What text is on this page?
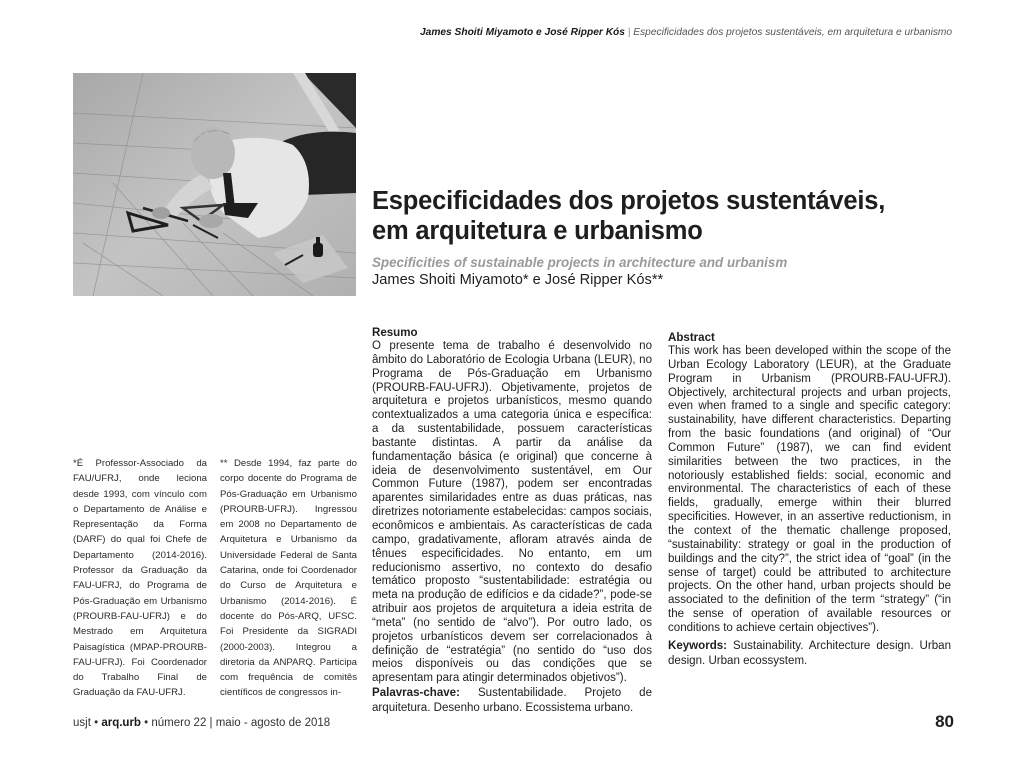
James Shoiti Miyamoto e José Ripper Kós | Especificidades dos projetos sustentáveis, em arquitetura e urbanismo
Especificidades dos projetos sustentáveis,
em arquitetura e urbanismo
Specificities of sustainable projects in architecture and urbanism
James Shoiti Miyamoto* e José Ripper Kós**
*É Professor-Associado da FAU/UFRJ, onde leciona desde 1993, com vínculo com o Departamento de Análise e Representação da Forma (DARF) do qual foi Chefe de Departamento (2014-2016). Professor da Graduação da FAU-UFRJ, do Programa de Pós-Graduação em Urbanismo (PROURB-FAU-UFRJ) e do Mestrado em Arquitetura Paisagística (MPAP-PROURB-FAU-UFRJ). Foi Coordenador do Trabalho Final de Graduação da FAU-UFRJ.
** Desde 1994, faz parte do corpo docente do Programa de Pós-Graduação em Urbanismo (PROURB-UFRJ). Ingressou em 2008 no Departamento de Arquitetura e Urbanismo da Universidade Federal de Santa Catarina, onde foi Coordenador do Curso de Arquitetura e Urbanismo (2014-2016). É docente do Pós-ARQ, UFSC. Foi Presidente da SIGRADI (2000-2003). Integrou a diretoria da ANPARQ. Participa com frequência de comitês científicos de congressos in-
Resumo

O presente tema de trabalho é desenvolvido no âmbito do Laboratório de Ecologia Urbana (LEUR), no Programa de Pós-Graduação em Urbanismo (PROURB-FAU-UFRJ). Objetivamente, projetos de arquitetura e projetos urbanísticos, mesmo quando contextualizados a uma categoria única e específica: a da sustentabilidade, possuem características bastante distintas. A partir da análise da fundamentação básica (e original) que concerne à ideia de desenvolvimento sustentável, em Our Common Future (1987), podem ser encontradas aparentes similaridades entre as duas práticas, nas diretrizes notoriamente estabelecidas: campos sociais, econômicos e ambientais. As características de cada campo, gradativamente, afloram através ainda de tênues especificidades. No entanto, em um reducionismo assertivo, no contexto do desafio temático proposto “sustentabilidade: estratégia ou meta na produção de edifícios e da cidade?”, pode-se atribuir aos projetos de arquitetura a ideia estrita de “meta” (no sentido de “alvo”). Por outro lado, os projetos urbanísticos devem ser correlacionados à definição de “estratégia” (no sentido do “uso dos meios disponíveis ou das condições que se apresentam para atingir determinados objetivos”).

Palavras-chave: Sustentabilidade. Projeto de arquitetura. Desenho urbano. Ecossistema urbano.

Abstract

This work has been developed within the scope of the Urban Ecology Laboratory (LEUR), at the Graduate Program in Urbanism (PROURB-FAU-UFRJ). Objectively, architectural projects and urban projects, even when framed to a single and specific category: sustainability, have different characteristics. Departing from the basic foundations (and original) of “Our Common Future” (1987), we can find evident similarities between the two practices, in the notoriously established fields: social, economic and environmental. The characteristics of each of these fields, gradually, emerge within their blurred specificities. However, in an assertive reductionism, in the context of the thematic challenge proposed, “sustainability: strategy or goal in the production of buildings and the city?”, the strict idea of “goal” (in the sense of target) could be attributed to architecture projects. On the other hand, urban projects should be associated to the definition of the term “strategy” (“in the sense of operation of available resources or conditions to achieve certain objectives”).

Keywords: Sustainability. Architecture design. Urban design. Urban ecossystem.

usjt • arq.urb • número 22 | maio - agosto de 2018	80
